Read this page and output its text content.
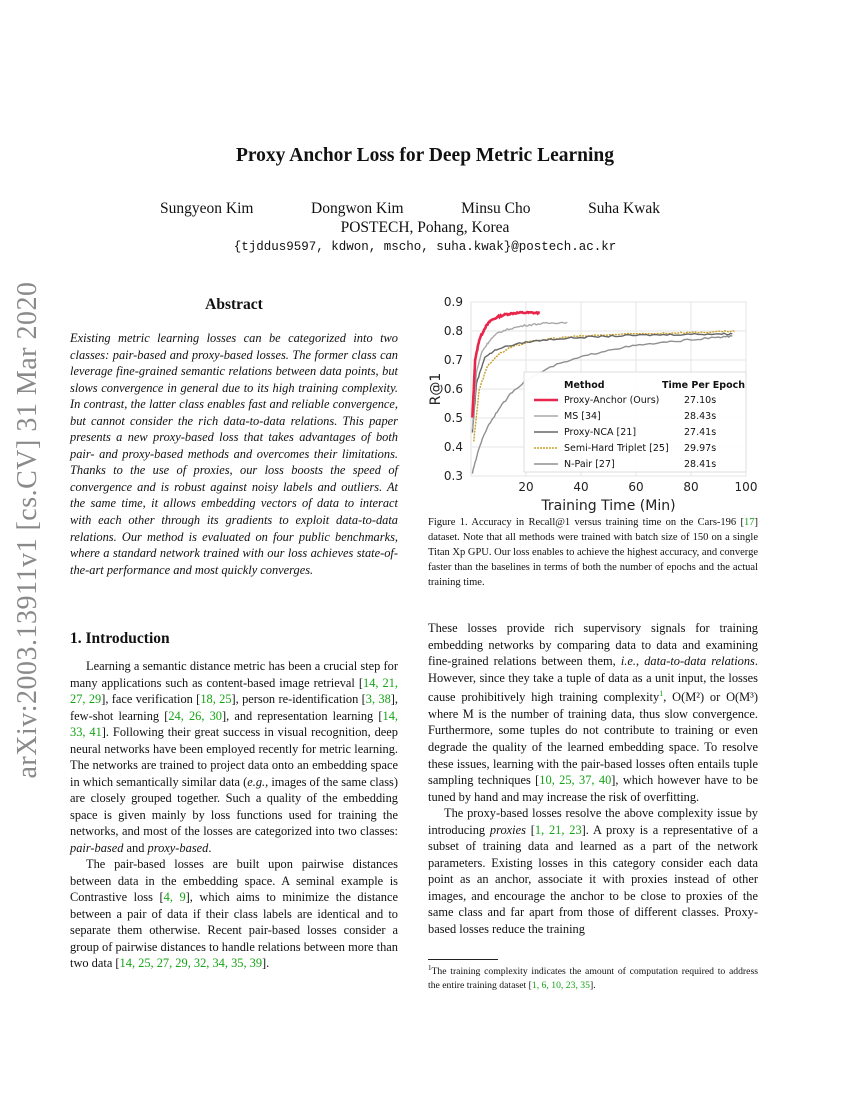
arXiv:2003.13911v1 [cs.CV] 31 Mar 2020
Proxy Anchor Loss for Deep Metric Learning
Sungyeon Kim	Dongwon Kim	Minsu Cho	Suha Kwak
POSTECH, Pohang, Korea
{tjddus9597, kdwon, mscho, suha.kwak}@postech.ac.kr
Abstract
Existing metric learning losses can be categorized into two classes: pair-based and proxy-based losses. The former class can leverage fine-grained semantic relations between data points, but slows convergence in general due to its high training complexity. In contrast, the latter class enables fast and reliable convergence, but cannot consider the rich data-to-data relations. This paper presents a new proxy-based loss that takes advantages of both pair- and proxy-based methods and overcomes their limitations. Thanks to the use of proxies, our loss boosts the speed of convergence and is robust against noisy labels and outliers. At the same time, it allows embedding vectors of data to interact with each other through its gradients to exploit data-to-data relations. Our method is evaluated on four public benchmarks, where a standard network trained with our loss achieves state-of-the-art performance and most quickly converges.
1. Introduction

Learning a semantic distance metric has been a crucial step for many applications such as content-based image retrieval [14, 21, 27, 29], face verification [18, 25], person re-identification [3, 38], few-shot learning [24, 26, 30], and representation learning [14, 33, 41]. Following their great success in visual recognition, deep neural networks have been employed recently for metric learning. The networks are trained to project data onto an embedding space in which semantically similar data (e.g., images of the same class) are closely grouped together. Such a quality of the embedding space is given mainly by loss functions used for training the networks, and most of the losses are categorized into two classes: pair-based and proxy-based.

The pair-based losses are built upon pairwise distances between data in the embedding space. A seminal example is Contrastive loss [4, 9], which aims to minimize the distance between a pair of data if their class labels are identical and to separate them otherwise. Recent pair-based losses consider a group of pairwise distances to handle relations between more than two data [14, 25, 27, 29, 32, 34, 35, 39].

0.3
0.4
0.5
0.6
0.7
0.8
0.9
20	40	60	80	100
Training Time (Min)
R@1	Method	Time Per Epoch
Proxy-Anchor (Ours)	27.10s
MS [34]	28.43s
Proxy-NCA [21]	27.41s
Semi-Hard Triplet [25] 29.97s
N-Pair [27]	28.41s
Figure 1. Accuracy in Recall@1 versus training time on the Cars-196 [17] dataset. Note that all methods were trained with batch size of 150 on a single Titan Xp GPU. Our loss enables to achieve the highest accuracy, and converge faster than the baselines in terms of both the number of epochs and the actual training time.

These losses provide rich supervisory signals for training embedding networks by comparing data to data and examining fine-grained relations between them, i.e., data-to-data relations. However, since they take a tuple of data as a unit input, the losses cause prohibitively high training complexity$^1$, O(M²) or O(M³) where M is the number of training data, thus slow convergence. Furthermore, some tuples do not contribute to training or even degrade the quality of the learned embedding space. To resolve these issues, learning with the pair-based losses often entails tuple sampling techniques [10, 25, 37, 40], which however have to be tuned by hand and may increase the risk of overfitting.

The proxy-based losses resolve the above complexity issue by introducing proxies [1, 21, 23]. A proxy is a representative of a subset of training data and learned as a part of the network parameters. Existing losses in this category consider each data point as an anchor, associate it with proxies instead of other images, and encourage the anchor to be close to proxies of the same class and far apart from those of different classes. Proxy-based losses reduce the training

$^1$The training complexity indicates the amount of computation required to address the entire training dataset [1, 6, 10, 23, 35].
